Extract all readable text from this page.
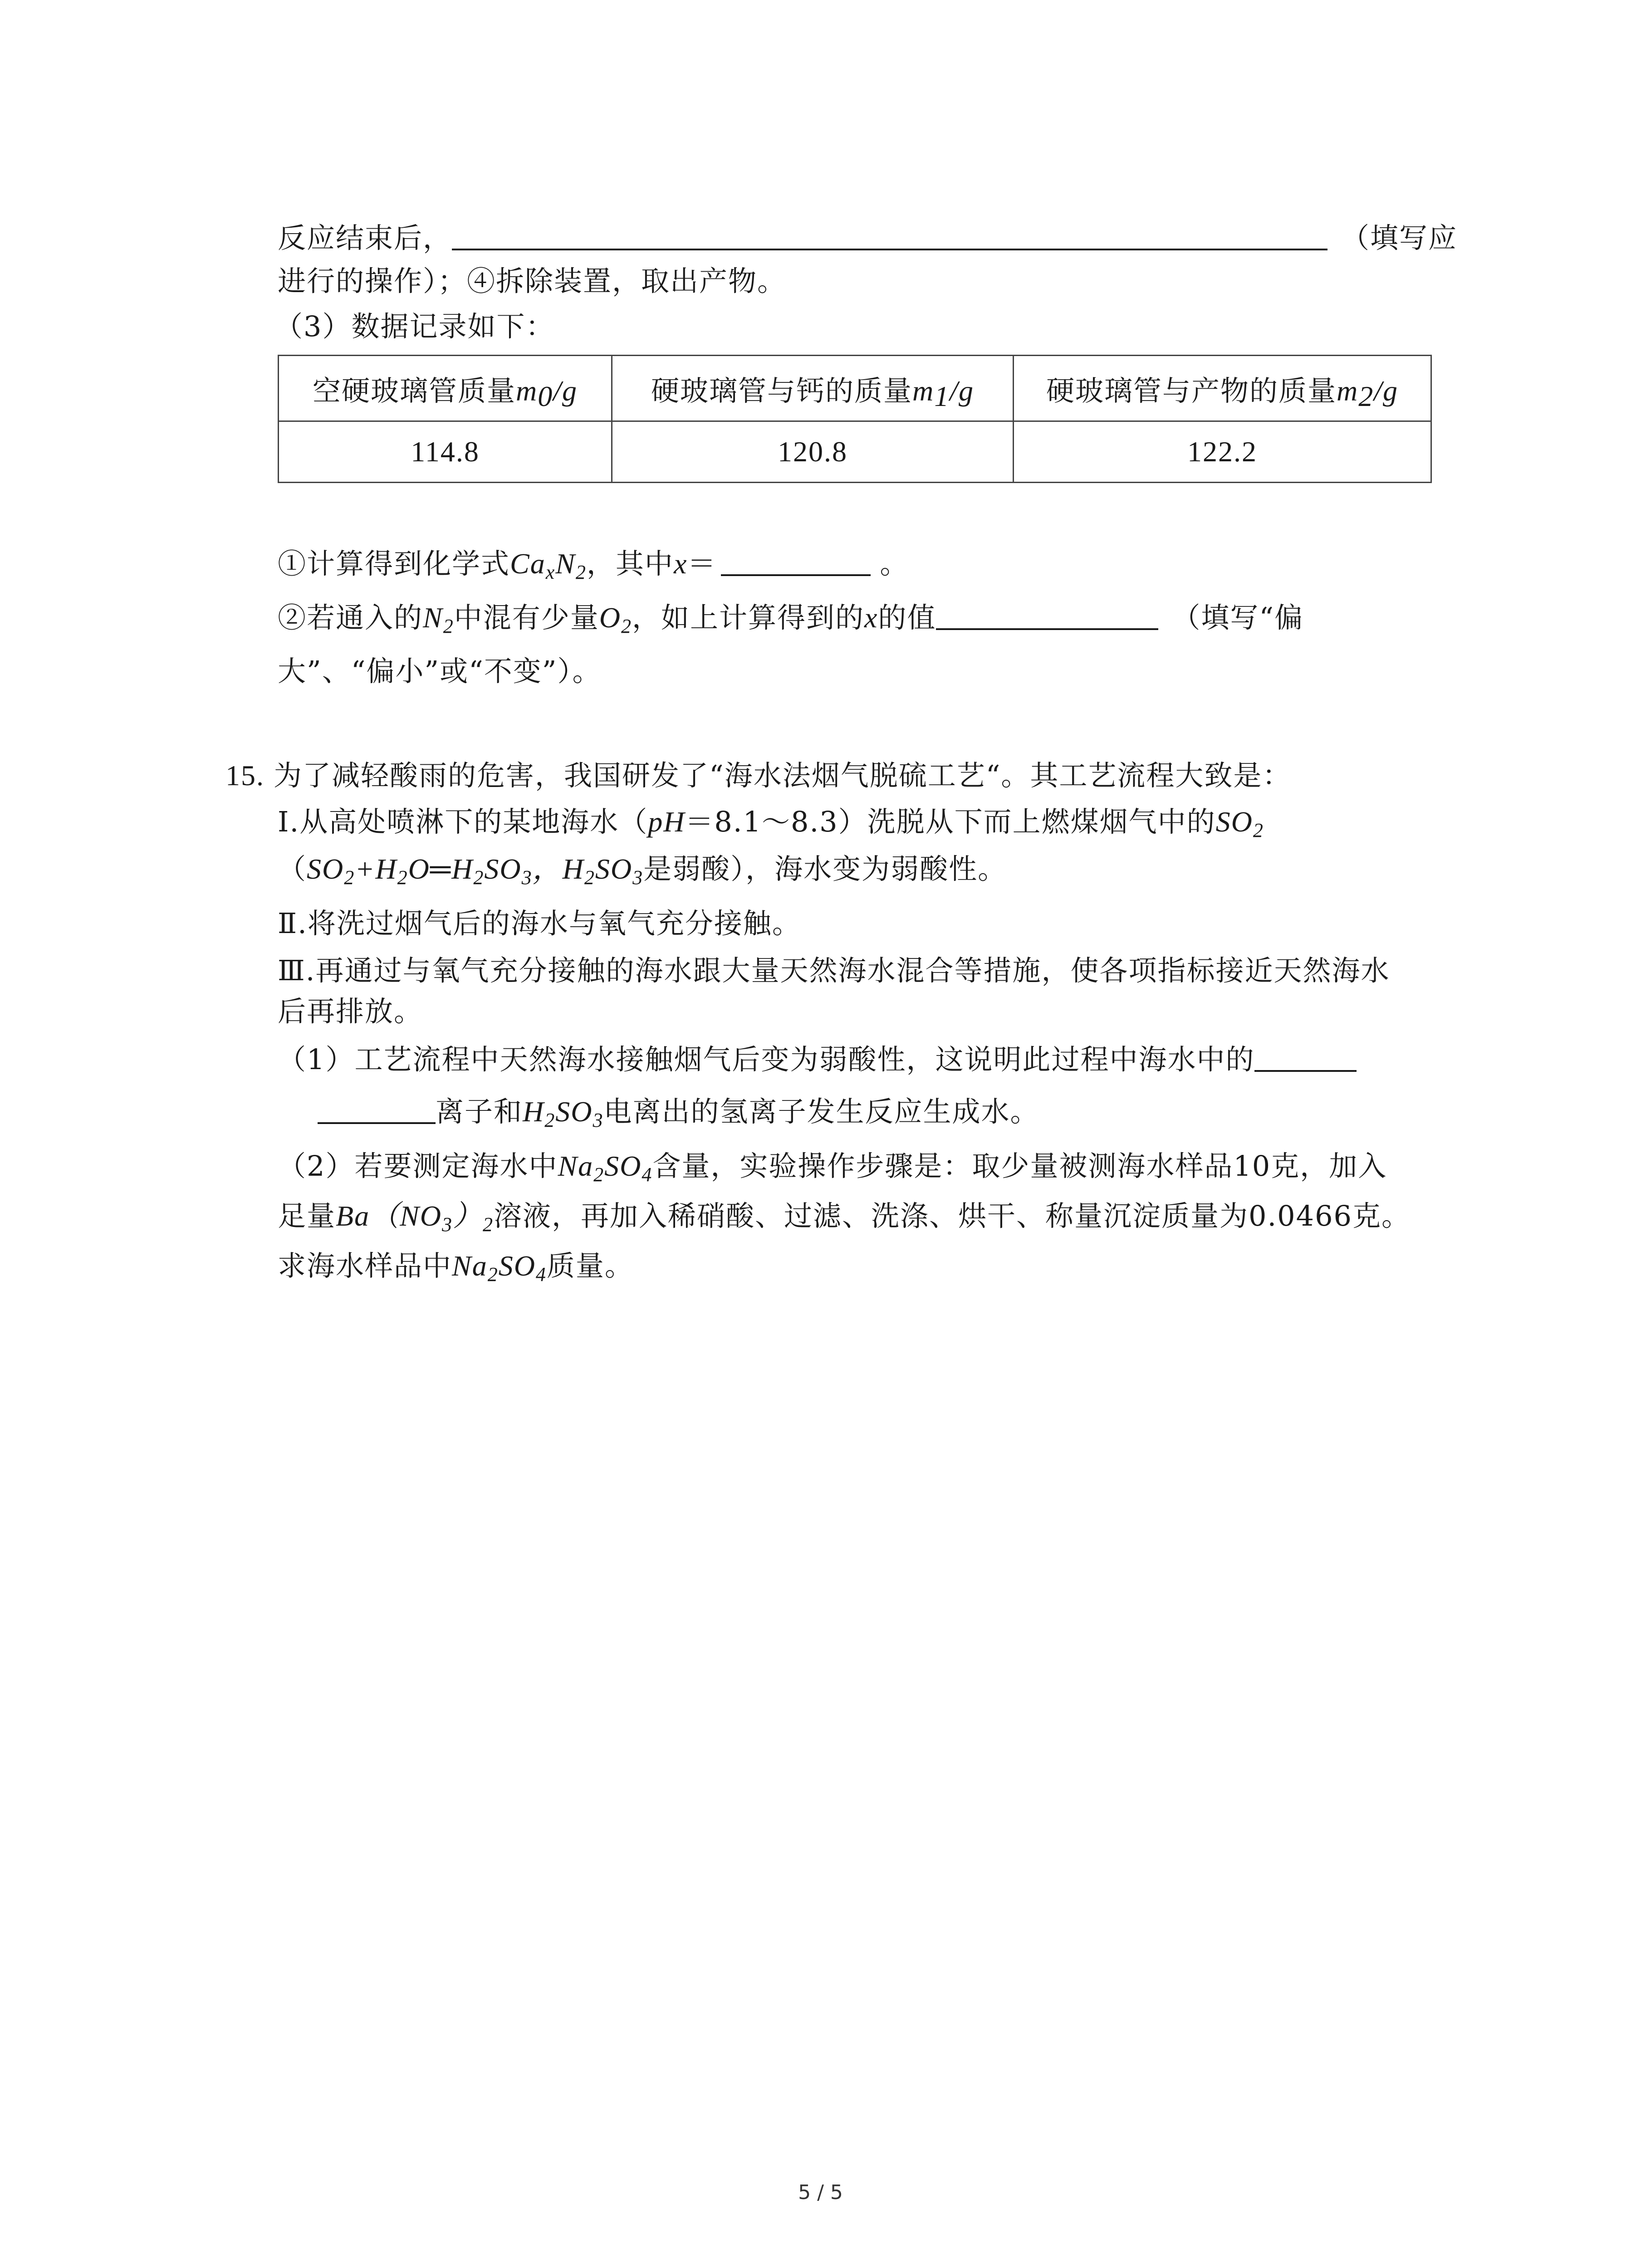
反应结束后，	（填写应
进行的操作）；④拆除装置，取出产物。
（3）数据记录如下：
空硬玻璃管质量$m_0/g$	硬玻璃管与钙的质量$m_1/g$	硬玻璃管与产物的质量$m_2/g$
114.8	120.8	122.2
①计算得到化学式$Ca_xN_2$，其中x＝	。
②若通入的$N_2$中混有少量$O_2$，如上计算得到的x的值	（填写“偏
大”、“偏小”或“不变”）。
15. 为了减轻酸雨的危害，我国研发了“海水法烟气脱硫工艺“。其工艺流程大致是：
Ⅰ.从高处喷淋下的某地海水（pH＝8.1～8.3）洗脱从下而上燃煤烟气中的$SO_2$
（$SO_2+H_2O═H_2SO_3$，$H_2SO_3$是弱酸），海水变为弱酸性。
Ⅱ.将洗过烟气后的海水与氧气充分接触。
Ⅲ.再通过与氧气充分接触的海水跟大量天然海水混合等措施，使各项指标接近天然海水
后再排放。
（1）工艺流程中天然海水接触烟气后变为弱酸性，这说明此过程中海水中的
离子和$H_2SO_3$电离出的氢离子发生反应生成水。
（2）若要测定海水中$Na_2SO_4$含量，实验操作步骤是：取少量被测海水样品10克，加入
足量$Ba(NO_3)_2$溶液，再加入稀硝酸、过滤、洗涤、烘干、称量沉淀质量为0.0466克。
求海水样品中$Na_2SO_4$质量。
5 / 5
